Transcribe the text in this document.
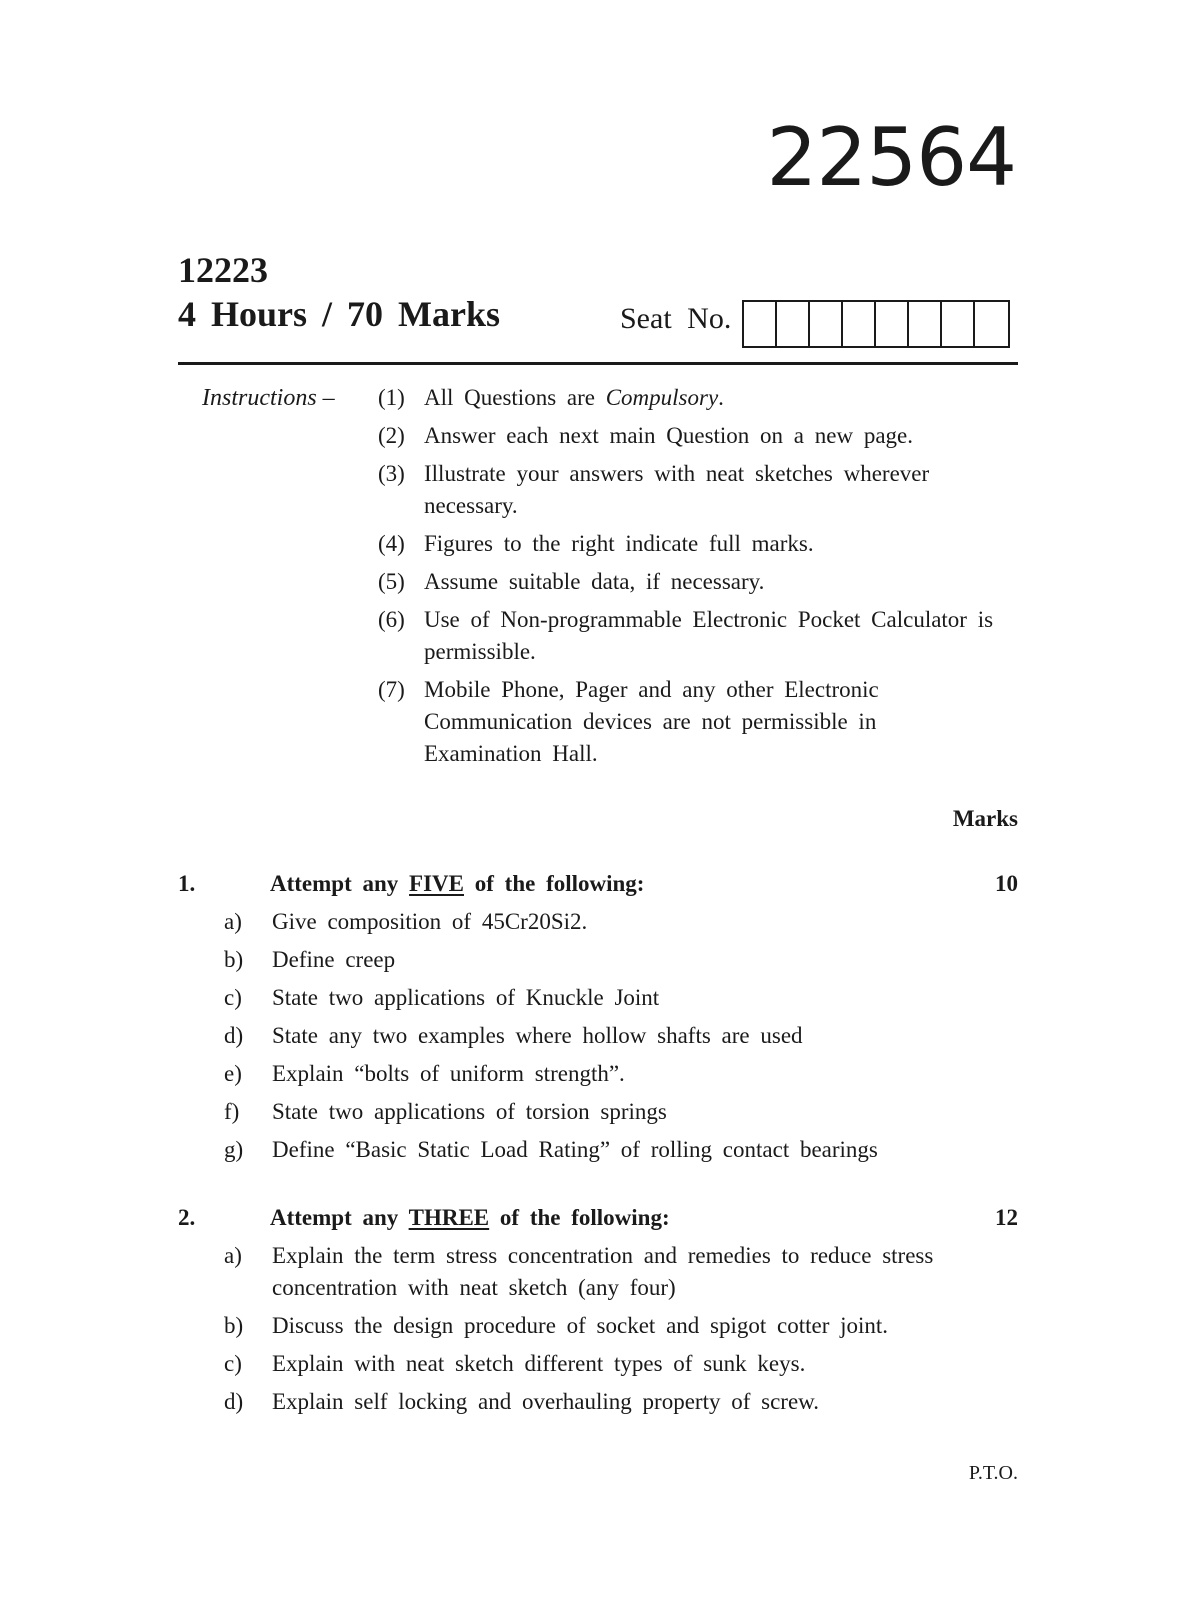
22564
12223
4 Hours / 70 Marks	Seat No.
Instructions – (1) All Questions are Compulsory.
(2) Answer each next main Question on a new page.
(3) Illustrate your answers with neat sketches wherever necessary.
(4) Figures to the right indicate full marks.
(5) Assume suitable data, if necessary.
(6) Use of Non-programmable Electronic Pocket Calculator is permissible.
(7) Mobile Phone, Pager and any other Electronic Communication devices are not permissible in Examination Hall.
Marks
1.	Attempt any FIVE of the following:	10
a)	Give composition of 45Cr20Si2.
b)	Define creep
c)	State two applications of Knuckle Joint
d)	State any two examples where hollow shafts are used
e)	Explain “bolts of uniform strength”.
f)	State two applications of torsion springs
g)	Define “Basic Static Load Rating” of rolling contact bearings
2.	Attempt any THREE of the following:	12
a)	Explain the term stress concentration and remedies to reduce stress concentration with neat sketch (any four)
b)	Discuss the design procedure of socket and spigot cotter joint.
c)	Explain with neat sketch different types of sunk keys.
d)	Explain self locking and overhauling property of screw.
P.T.O.
